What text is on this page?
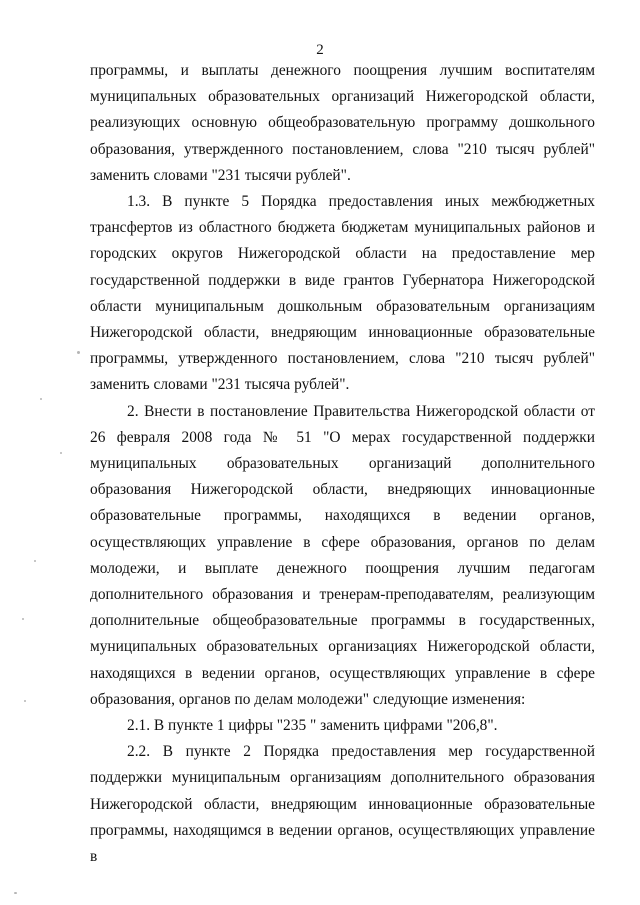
2

программы, и выплаты денежного поощрения лучшим воспитателям муниципальных образовательных организаций Нижегородской области, реализующих основную общеобразовательную программу дошкольного образования, утвержденного постановлением, слова "210 тысяч рублей" заменить словами "231 тысячи рублей".

1.3. В пункте 5 Порядка предоставления иных межбюджетных трансфертов из областного бюджета бюджетам муниципальных районов и городских округов Нижегородской области на предоставление мер государственной поддержки в виде грантов Губернатора Нижегородской области муниципальным дошкольным образовательным организациям Нижегородской области, внедряющим инновационные образовательные программы, утвержденного постановлением, слова "210 тысяч рублей" заменить словами "231 тысяча рублей".

2. Внести в постановление Правительства Нижегородской области от 26 февраля 2008 года № 51 "О мерах государственной поддержки муниципальных образовательных организаций дополнительного образования Нижегородской области, внедряющих инновационные образовательные программы, находящихся в ведении органов, осуществляющих управление в сфере образования, органов по делам молодежи, и выплате денежного поощрения лучшим педагогам дополнительного образования и тренерам-преподавателям, реализующим дополнительные общеобразовательные программы в государственных, муниципальных образовательных организациях Нижегородской области, находящихся в ведении органов, осуществляющих управление в сфере образования, органов по делам молодежи" следующие изменения:

2.1. В пункте 1 цифры "235 " заменить цифрами "206,8".

2.2. В пункте 2 Порядка предоставления мер государственной поддержки муниципальным организациям дополнительного образования Нижегородской области, внедряющим инновационные образовательные программы, находящимся в ведении органов, осуществляющих управление в
